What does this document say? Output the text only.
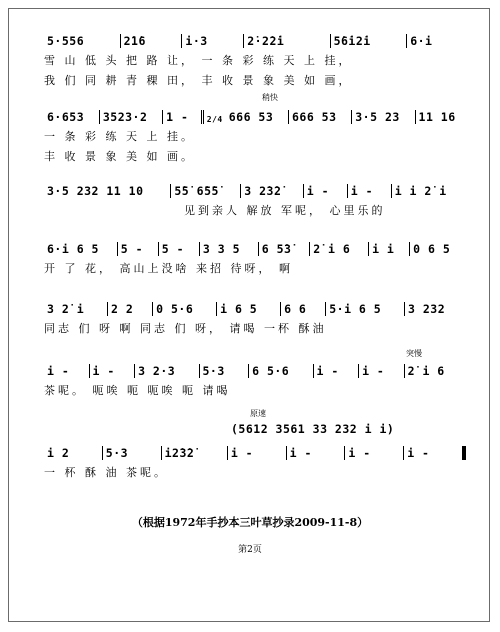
5·556	2̇1̇6	i·3	2̇·2̇2̇i	5̇6̇i2̇i	6·i
雪 山 低 头 把 路 让， 一 条 彩 练 天 上 挂，
我 们 同 耕 青 稞 田， 丰 收 景 象 美 如 画，
稍快
6·653	3523·2	1 -	2/4 666 53	666 53	3·5 23	11 16
一 条 彩 练 天 上 挂。
丰 收 景 象 美 如 画。
3·5 232 11 10	5̇5̇ 6̇5̇5̇	3 2̇3̇2̇	i -	i -	i i 2̇ i
见到亲人 解放 军呢， 心里乐的
6·i 6 5	5 -	5 -	3 3 5	6 5̇3̇	2̇ i 6	i i	0 6 5
开 了 花， 高山上没啥 来招 待呀， 啊
3 2̇ i	2 2	0 5·6	i 6 5	6 6	5·i 6 5	3 232
同志 们 呀 啊 同志 们 呀， 请喝 一杯 酥油
突慢
i -	i -	3 2·3	5·3	6 5·6	i -	i -	2̇ i 6
茶呢。 呃唉 呃 呃唉 呃 请喝
原速
(5612 3561 33 232 i i)
i 2	5·3	i2̇3̇2̇	i -	i -	i -	i -
一 杯 酥 油 茶呢。
（根据1972年手抄本三叶草抄录2009-11-8）
第2页
